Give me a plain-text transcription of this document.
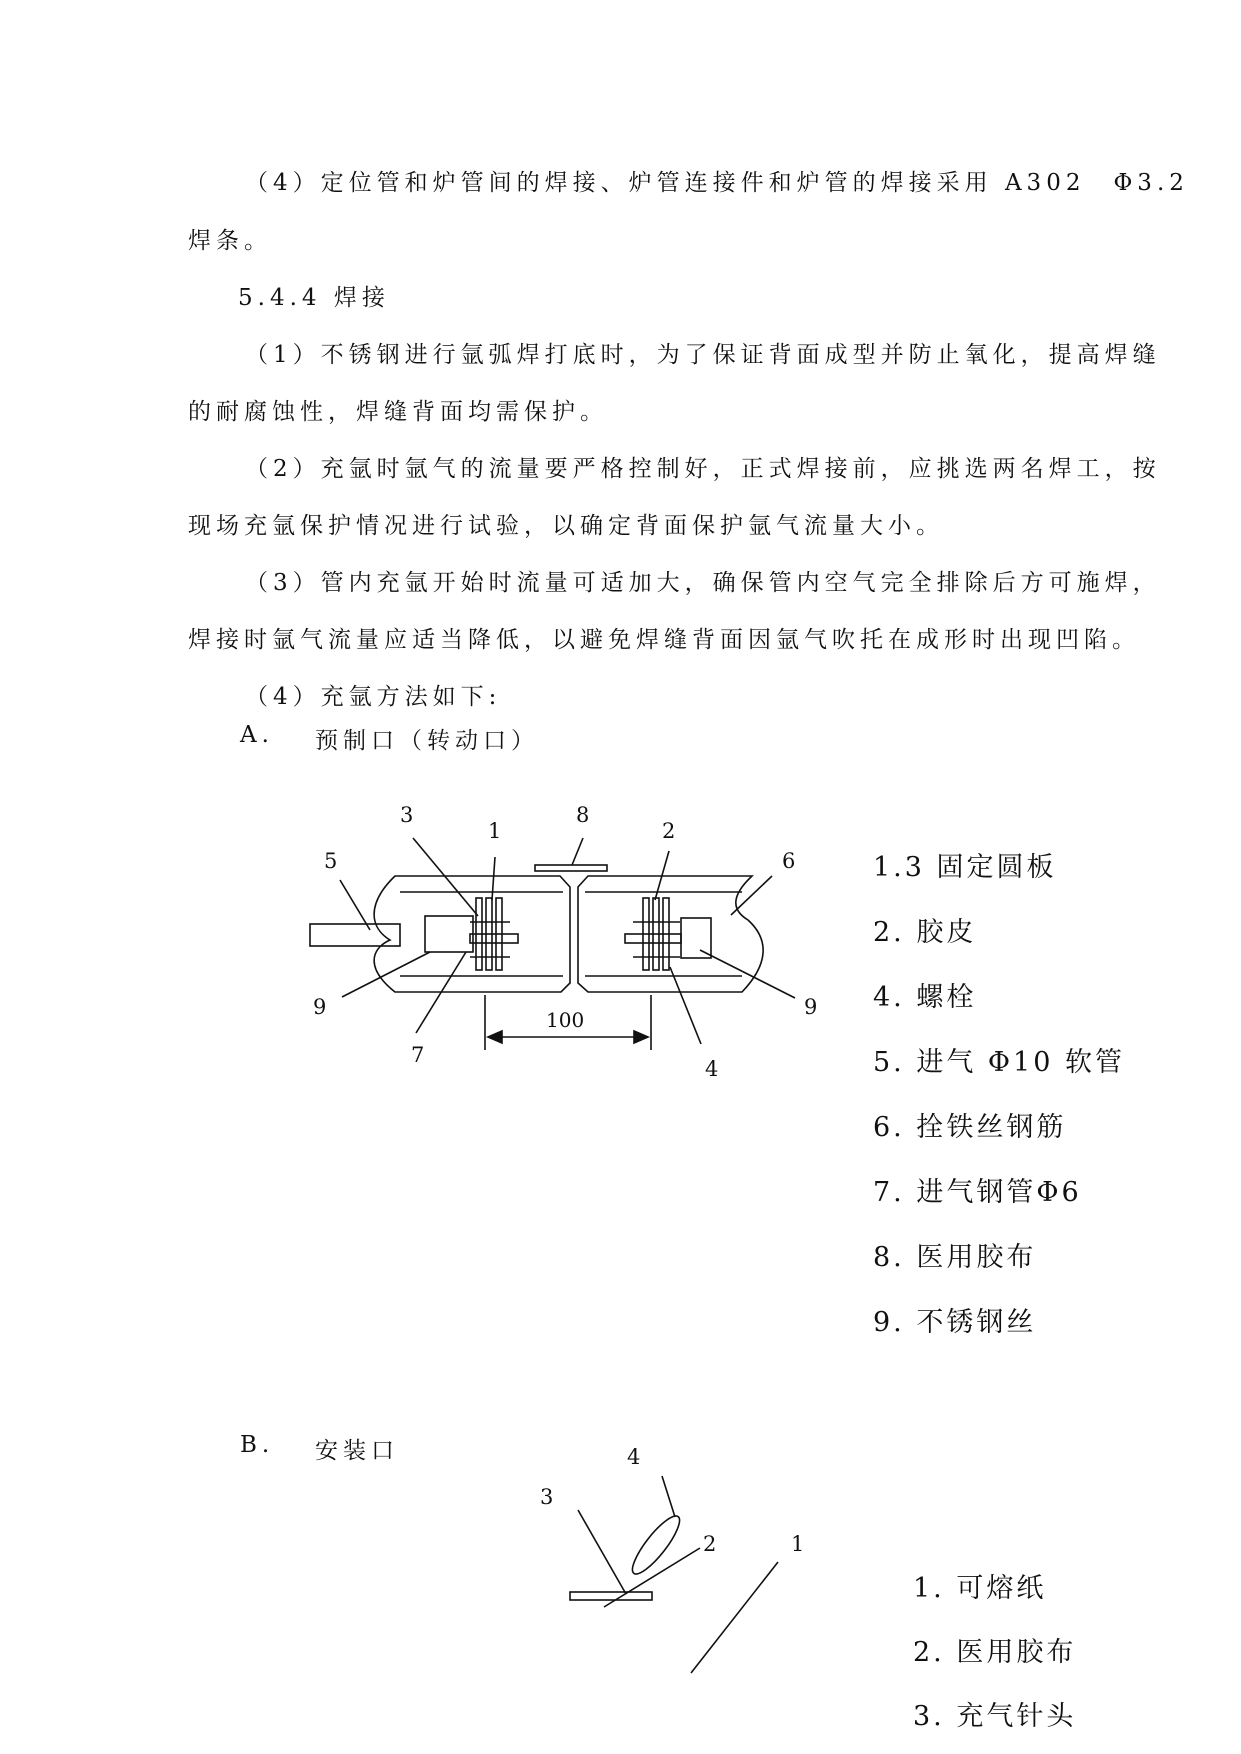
（4）定位管和炉管间的焊接、炉管连接件和炉管的焊接采用 A302　Φ3.2
焊条。
5.4.4 焊接
（1）不锈钢进行氩弧焊打底时，为了保证背面成型并防止氧化，提高焊缝
的耐腐蚀性，焊缝背面均需保护。
（2）充氩时氩气的流量要严格控制好，正式焊接前，应挑选两名焊工，按
现场充氩保护情况进行试验，以确定背面保护氩气流量大小。
（3）管内充氩开始时流量可适加大，确保管内空气完全排除后方可施焊，
焊接时氩气流量应适当降低，以避免焊缝背面因氩气吹托在成形时出现凹陷。
（4）充氩方法如下:
A. 预制口（转动口）
3
1
8
2
5	6
9	9
7
4
100
1.3 固定圆板
2. 胶皮
4. 螺栓
5. 进气 Φ10 软管
6. 拴铁丝钢筋
7. 进气钢管Φ6
8. 医用胶布
9. 不锈钢丝
B. 安装口	4
3
2	1
1. 可熔纸
2. 医用胶布
3. 充气针头
